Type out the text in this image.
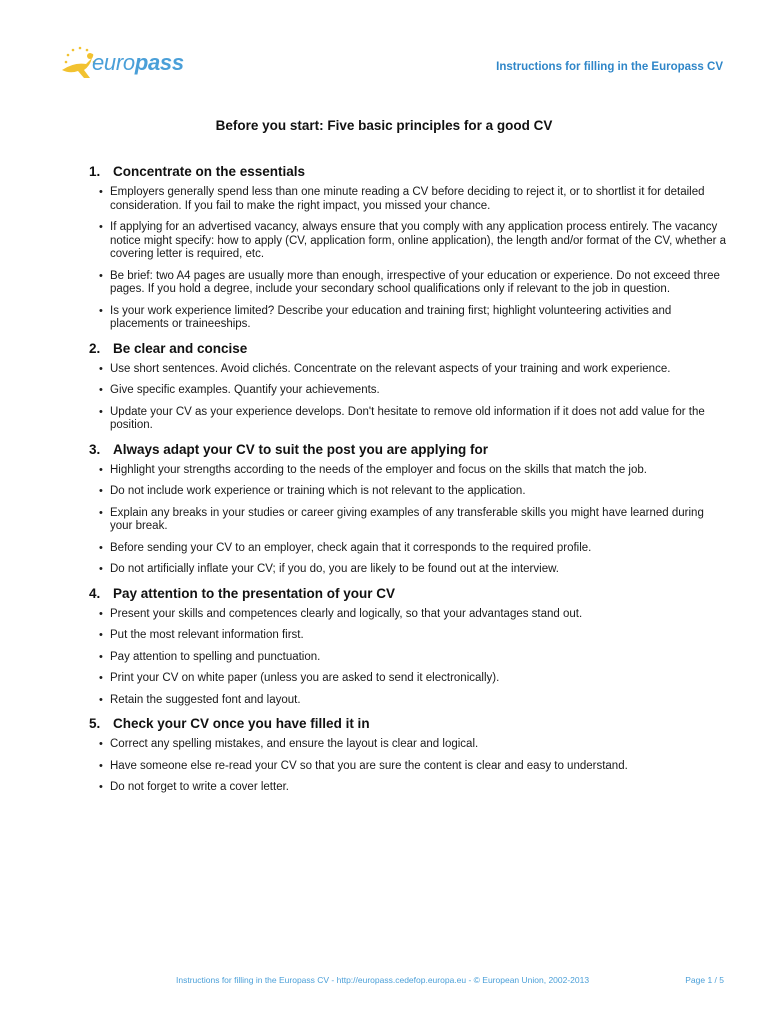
europass	Instructions for filling in the Europass CV
Before you start: Five basic principles for a good CV
1. Concentrate on the essentials
• Employers generally spend less than one minute reading a CV before deciding to reject it, or to shortlist it for detailed consideration. If you fail to make the right impact, you missed your chance.
• If applying for an advertised vacancy, always ensure that you comply with any application process entirely. The vacancy notice might specify: how to apply (CV, application form, online application), the length and/or format of the CV, whether a covering letter is required, etc.
• Be brief: two A4 pages are usually more than enough, irrespective of your education or experience. Do not exceed three pages. If you hold a degree, include your secondary school qualifications only if relevant to the job in question.
• Is your work experience limited? Describe your education and training first; highlight volunteering activities and placements or traineeships.
2. Be clear and concise
• Use short sentences. Avoid clichés. Concentrate on the relevant aspects of your training and work experience.
• Give specific examples. Quantify your achievements.
• Update your CV as your experience develops. Don't hesitate to remove old information if it does not add value for the position.
3. Always adapt your CV to suit the post you are applying for
• Highlight your strengths according to the needs of the employer and focus on the skills that match the job.
• Do not include work experience or training which is not relevant to the application.
• Explain any breaks in your studies or career giving examples of any transferable skills you might have learned during your break.
• Before sending your CV to an employer, check again that it corresponds to the required profile.
• Do not artificially inflate your CV; if you do, you are likely to be found out at the interview.
4. Pay attention to the presentation of your CV
• Present your skills and competences clearly and logically, so that your advantages stand out.
• Put the most relevant information first.
• Pay attention to spelling and punctuation.
• Print your CV on white paper (unless you are asked to send it electronically).
• Retain the suggested font and layout.
5. Check your CV once you have filled it in
• Correct any spelling mistakes, and ensure the layout is clear and logical.
• Have someone else re-read your CV so that you are sure the content is clear and easy to understand.
• Do not forget to write a cover letter.
Instructions for filling in the Europass CV - http://europass.cedefop.europa.eu - © European Union, 2002-2013	Page 1 / 5
